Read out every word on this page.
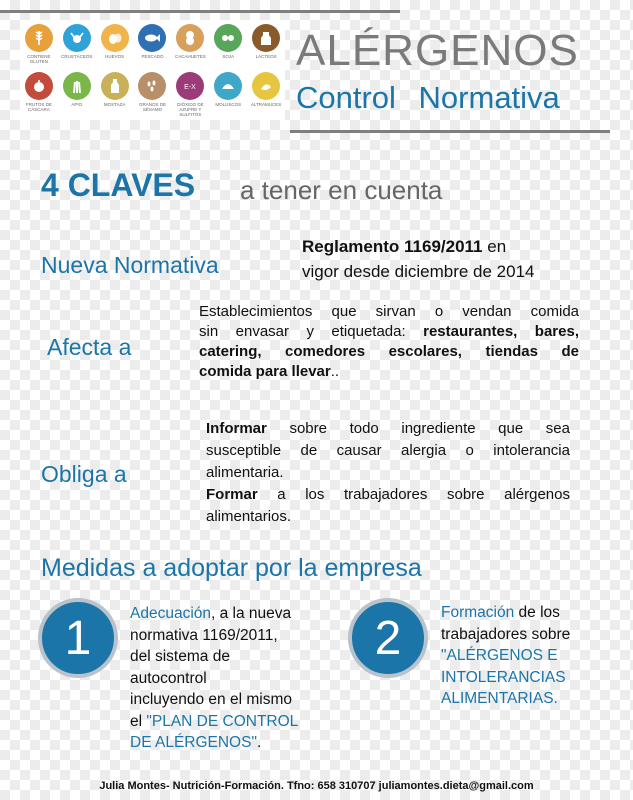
CONTIENE GLUTEN
CRUSTÁCEOS	HUEVOS	PESCADO	CACAHUETES	SOJA	LÁCTEOS
FRUTOS DE CÁSCARA
APIO	MOSTAZA	GRANOS DE SÉSAMO
E-X
DIÓXIDO DE AZUFRE Y SULFITOS
MOLUSCOS ALTRAMUCES
ALÉRGENOS
Control Normativa
4 CLAVES a tener en cuenta
Nueva Normativa
Reglamento 1169/2011 en
vigor desde diciembre de 2014
Afecta a
Establecimientos que sirvan o vendan comida
sin envasar y etiquetada: restaurantes, bares,
catering, comedores escolares, tiendas de
comida para llevar..
Obliga a
Informar sobre todo ingrediente que sea
susceptible de causar alergia o intolerancia
alimentaria.
Formar a los trabajadores sobre alérgenos
alimentarios.
Medidas a adoptar por la empresa
1	Adecuación, a la nueva
normativa 1169/2011,
del sistema de
autocontrol
incluyendo en el mismo
el "PLAN DE CONTROL
DE ALÉRGENOS".
2	Formación de los
trabajadores sobre
"ALÉRGENOS E
INTOLERANCIAS
ALIMENTARIAS.
Julia Montes- Nutrición-Formación. Tfno: 658 310707 juliamontes.dieta@gmail.com
